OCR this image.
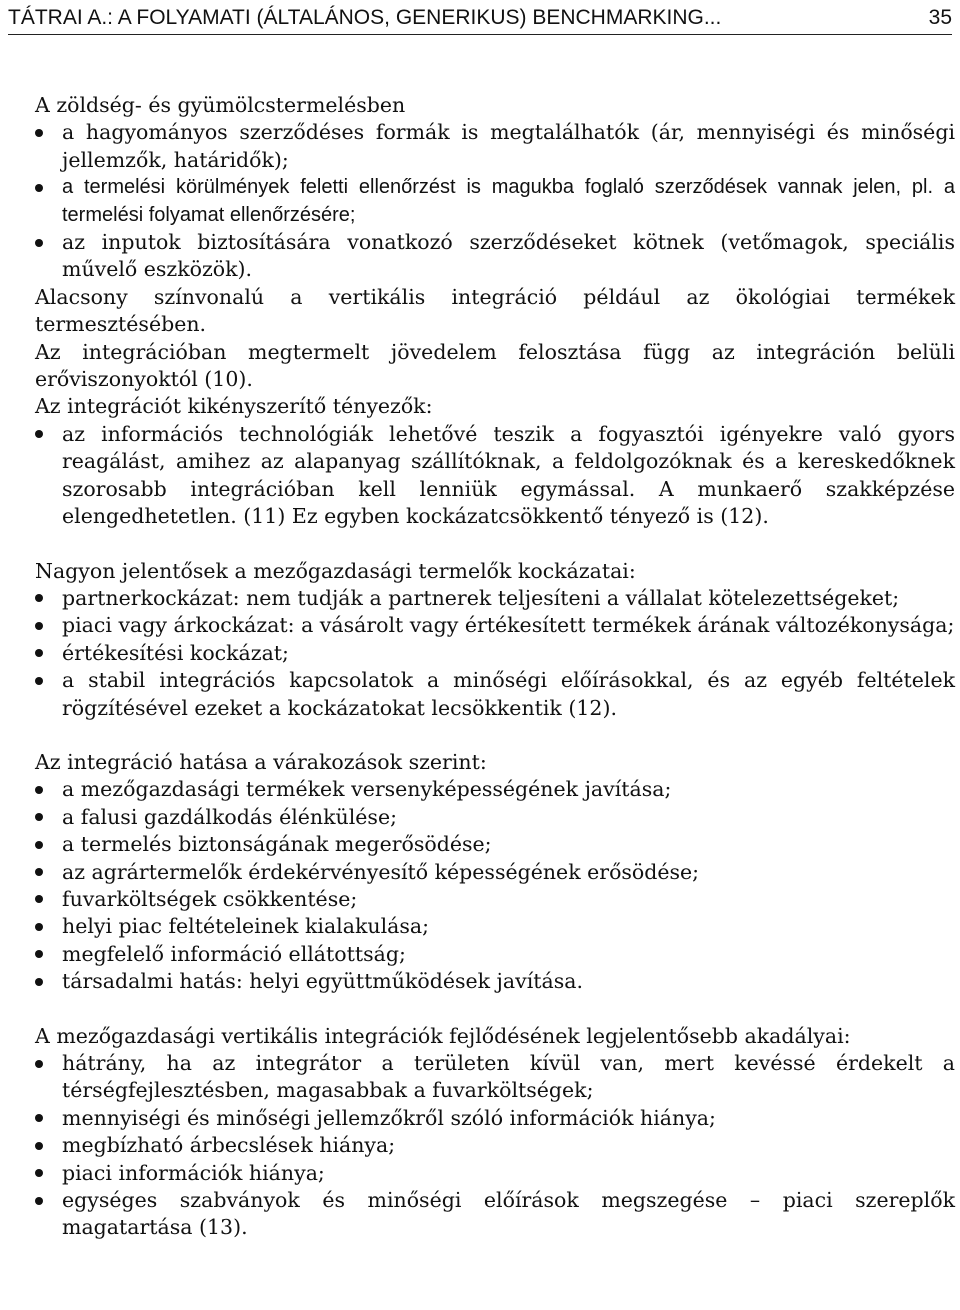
TÁTRAI A.: A FOLYAMATI (ÁLTALÁNOS, GENERIKUS) BENCHMARKING...	35

A zöldség- és gyümölcstermelésben

a hagyományos szerződéses formák is megtalálhatók (ár, mennyiségi és minőségi jellemzők, határidők);
a termelési körülmények feletti ellenőrzést is magukba foglaló szerződések vannak jelen, pl. a termelési folyamat ellenőrzésére;
az inputok biztosítására vonatkozó szerződéseket kötnek (vetőmagok, speciális művelő eszközök).

Alacsony színvonalú a vertikális integráció például az ökológiai termékek termesztésében.

Az integrációban megtermelt jövedelem felosztása függ az integráción belüli erőviszonyoktól (10).

Az integrációt kikényszerítő tényezők:

az információs technológiák lehetővé teszik a fogyasztói igényekre való gyors reagálást, amihez az alapanyag szállítóknak, a feldolgozóknak és a kereskedőknek szorosabb integrációban kell lenniük egymással. A munkaerő szakképzése elengedhetetlen. (11) Ez egyben kockázatcsökkentő tényező is (12).

Nagyon jelentősek a mezőgazdasági termelők kockázatai:

partnerkockázat: nem tudják a partnerek teljesíteni a vállalat kötelezettségeket;
piaci vagy árkockázat: a vásárolt vagy értékesített termékek árának változékonysága;
értékesítési kockázat;
a stabil integrációs kapcsolatok a minőségi előírásokkal, és az egyéb feltételek rögzítésével ezeket a kockázatokat lecsökkentik (12).

Az integráció hatása a várakozások szerint:

a mezőgazdasági termékek versenyképességének javítása;
a falusi gazdálkodás élénkülése;
a termelés biztonságának megerősödése;
az agrártermelők érdekérvényesítő képességének erősödése;
fuvarköltségek csökkentése;
helyi piac feltételeinek kialakulása;
megfelelő információ ellátottság;
társadalmi hatás: helyi együttműködések javítása.

A mezőgazdasági vertikális integrációk fejlődésének legjelentősebb akadályai:

hátrány, ha az integrátor a területen kívül van, mert kevéssé érdekelt a térségfejlesztésben, magasabbak a fuvarköltségek;
mennyiségi és minőségi jellemzőkről szóló információk hiánya;
megbízható árbecslések hiánya;
piaci információk hiánya;
egységes szabványok és minőségi előírások megszegése – piaci szereplők magatartása (13).
